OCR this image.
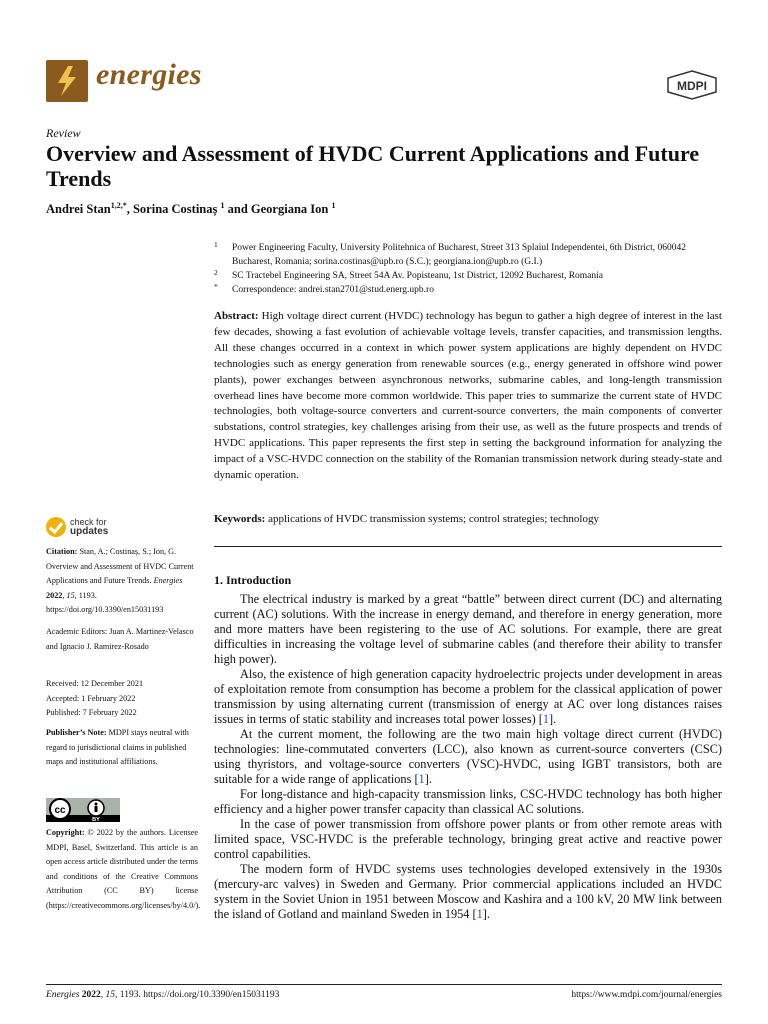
energies	MDPI
Review
Overview and Assessment of HVDC Current Applications and Future Trends
Andrei Stan$^{1,2,*}$, Sorina Costinaș $^1$ and Georgiana Ion $^1$
1 Power Engineering Faculty, University Politehnica of Bucharest, Street 313 Splaiul Independentei, 6th District, 060042 Bucharest, Romania; sorina.costinas@upb.ro (S.C.); georgiana.ion@upb.ro (G.I.)
2 SC Tractebel Engineering SA, Street 54A Av. Popisteanu, 1st District, 12092 Bucharest, Romania
* Correspondence: andrei.stan2701@stud.energ.upb.ro
Abstract: High voltage direct current (HVDC) technology has begun to gather a high degree of interest in the last few decades, showing a fast evolution of achievable voltage levels, transfer capacities, and transmission lengths. All these changes occurred in a context in which power system applications are highly dependent on HVDC technologies such as energy generation from renewable sources (e.g., energy generated in offshore wind power plants), power exchanges between asynchronous networks, submarine cables, and long-length transmission overhead lines have become more common worldwide. This paper tries to summarize the current state of HVDC technologies, both voltage-source converters and current-source converters, the main components of converter substations, control strategies, key challenges arising from their use, as well as the future prospects and trends of HVDC applications. This paper represents the first step in setting the background information for analyzing the impact of a VSC-HVDC connection on the stability of the Romanian transmission network during steady-state and dynamic operation.
Keywords: applications of HVDC transmission systems; control strategies; technology
check for
updates
Citation: Stan, A.; Costinaș, S.; Ion, G. Overview and Assessment of HVDC Current Applications and Future Trends. Energies 2022, 15, 1193. https://doi.org/10.3390/en15031193
Academic Editors: Juan A. Martinez-Velasco and Ignacio J. Ramirez-Rosado
Received: 12 December 2021
Accepted: 1 February 2022
Published: 7 February 2022
Publisher’s Note: MDPI stays neutral with regard to jurisdictional claims in published maps and institutional affiliations.
cc
BY
Copyright: © 2022 by the authors. Licensee MDPI, Basel, Switzerland. This article is an open access article distributed under the terms and conditions of the Creative Commons Attribution (CC BY) license (https://creativecommons.org/licenses/by/4.0/).
1. Introduction

The electrical industry is marked by a great “battle” between direct current (DC) and alternating current (AC) solutions. With the increase in energy demand, and therefore in energy generation, more and more matters have been registering to the use of AC solutions. For example, there are great difficulties in increasing the voltage level of submarine cables (and therefore their ability to transfer high power).

Also, the existence of high generation capacity hydroelectric projects under development in areas of exploitation remote from consumption has become a problem for the classical application of power transmission by using alternating current (transmission of energy at AC over long distances raises issues in terms of static stability and increases total power losses) [1].

At the current moment, the following are the two main high voltage direct current (HVDC) technologies: line-commutated converters (LCC), also known as current-source converters (CSC) using thyristors, and voltage-source converters (VSC)-HVDC, using IGBT transistors, both are suitable for a wide range of applications [1].

For long-distance and high-capacity transmission links, CSC-HVDC technology has both higher efficiency and a higher power transfer capacity than classical AC solutions.

In the case of power transmission from offshore power plants or from other remote areas with limited space, VSC-HVDC is the preferable technology, bringing great active and reactive power control capabilities.

The modern form of HVDC systems uses technologies developed extensively in the 1930s (mercury-arc valves) in Sweden and Germany. Prior commercial applications included an HVDC system in the Soviet Union in 1951 between Moscow and Kashira and a 100 kV, 20 MW link between the island of Gotland and mainland Sweden in 1954 [1].

Energies 2022, 15, 1193. https://doi.org/10.3390/en15031193	https://www.mdpi.com/journal/energies
